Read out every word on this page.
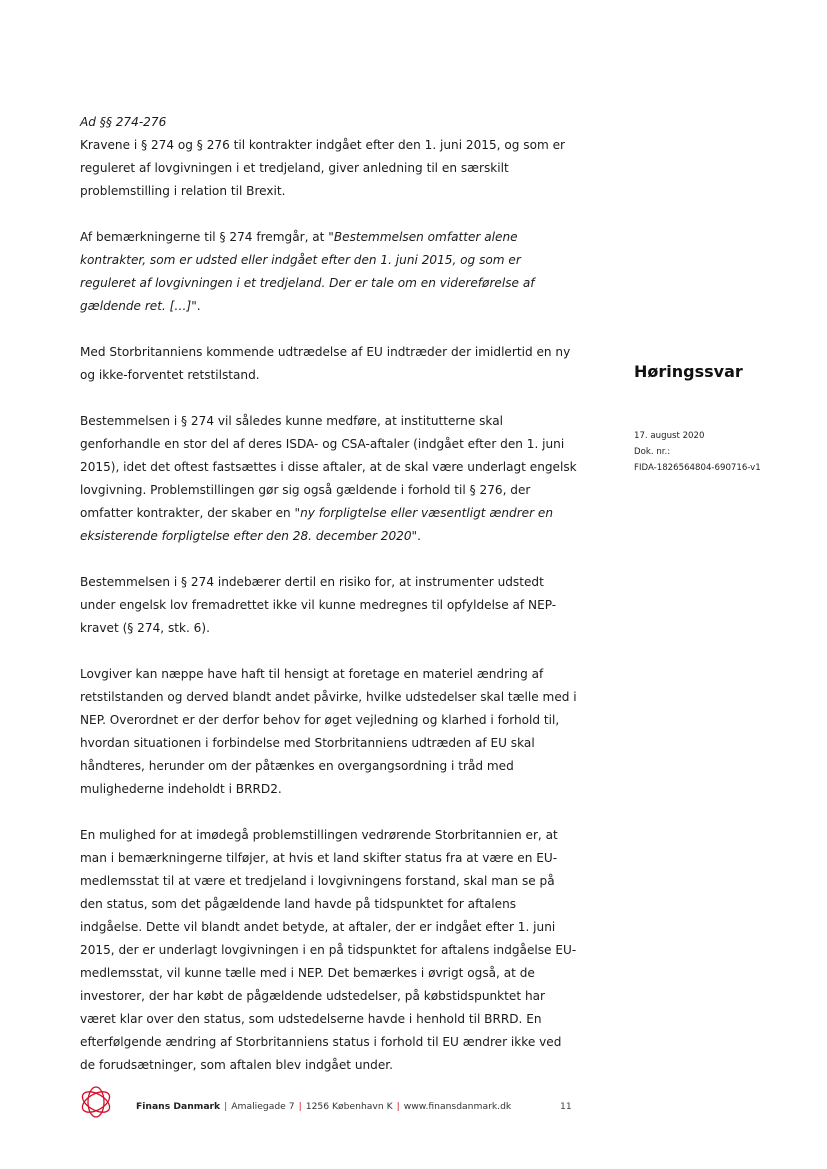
Ad §§ 274-276
Kravene i § 274 og § 276 til kontrakter indgået efter den 1. juni 2015, og som er reguleret af lovgivningen i et tredjeland, giver anledning til en særskilt problemstilling i relation til Brexit.

Af bemærkningerne til § 274 fremgår, at "Bestemmelsen omfatter alene kontrakter, som er udsted eller indgået efter den 1. juni 2015, og som er reguleret af lovgivningen i et tredjeland. Der er tale om en videreførelse af gældende ret. […]".

Med Storbritanniens kommende udtrædelse af EU indtræder der imidlertid en ny og ikke-forventet retstilstand.

Bestemmelsen i § 274 vil således kunne medføre, at institutterne skal genforhandle en stor del af deres ISDA- og CSA-aftaler (indgået efter den 1. juni 2015), idet det oftest fastsættes i disse aftaler, at de skal være underlagt engelsk lovgivning. Problemstillingen gør sig også gældende i forhold til § 276, der omfatter kontrakter, der skaber en "ny forpligtelse eller væsentligt ændrer en eksisterende forpligtelse efter den 28. december 2020".

Bestemmelsen i § 274 indebærer dertil en risiko for, at instrumenter udstedt under engelsk lov fremadrettet ikke vil kunne medregnes til opfyldelse af NEP-kravet (§ 274, stk. 6).

Lovgiver kan næppe have haft til hensigt at foretage en materiel ændring af retstilstanden og derved blandt andet påvirke, hvilke udstedelser skal tælle med i NEP. Overordnet er der derfor behov for øget vejledning og klarhed i forhold til, hvordan situationen i forbindelse med Storbritanniens udtræden af EU skal håndteres, herunder om der påtænkes en overgangsordning i tråd med mulighederne indeholdt i BRRD2.

En mulighed for at imødegå problemstillingen vedrørende Storbritannien er, at man i bemærkningerne tilføjer, at hvis et land skifter status fra at være en EU-medlemsstat til at være et tredjeland i lovgivningens forstand, skal man se på den status, som det pågældende land havde på tidspunktet for aftalens indgåelse. Dette vil blandt andet betyde, at aftaler, der er indgået efter 1. juni 2015, der er underlagt lovgivningen i en på tidspunktet for aftalens indgåelse EU-medlemsstat, vil kunne tælle med i NEP. Det bemærkes i øvrigt også, at de investorer, der har købt de pågældende udstedelser, på købstidspunktet har været klar over den status, som udstedelserne havde i henhold til BRRD. En efterfølgende ændring af Storbritanniens status i forhold til EU ændrer ikke ved de forudsætninger, som aftalen blev indgået under.

Høringssvar
17. august 2020
Dok. nr.:
FIDA-1826564804-690716-v1
Finans Danmark | Amaliegade 7 | 1256 København K | www.finansdanmark.dk	11
